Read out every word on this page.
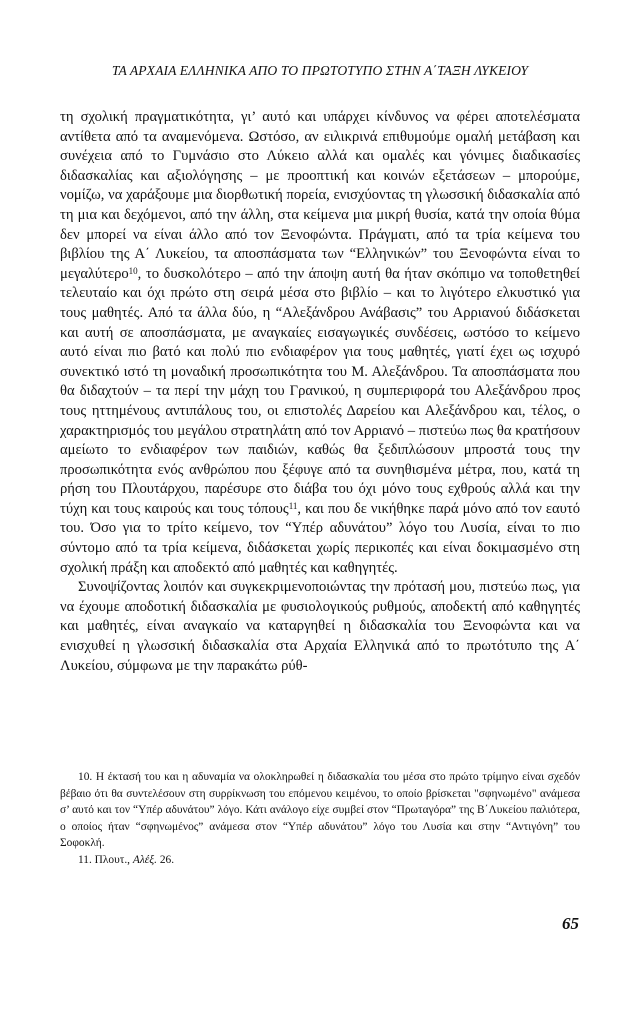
ΤΑ ΑΡΧΑΙΑ ΕΛΛΗΝΙΚΑ ΑΠΟ ΤΟ ΠΡΩΤΟΤΥΠΟ ΣΤΗΝ Α΄ΤΑΞΗ ΛΥΚΕΙΟΥ

τη σχολική πραγματικότητα, γι’ αυτό και υπάρχει κίνδυνος να φέρει αποτελέσματα αντίθετα από τα αναμενόμενα. Ωστόσο, αν ειλικρινά επιθυμούμε ομαλή μετάβαση και συνέχεια από το Γυμνάσιο στο Λύκειο αλλά και ομαλές και γόνιμες διαδικασίες διδασκαλίας και αξιολόγησης – με προοπτική και κοινών εξετάσεων – μπορούμε, νομίζω, να χαράξουμε μια διορθωτική πορεία, ενισχύοντας τη γλωσσική διδασκαλία από τη μια και δεχόμενοι, από την άλλη, στα κείμενα μια μικρή θυσία, κατά την οποία θύμα δεν μπορεί να είναι άλλο από τον Ξενοφώντα. Πράγματι, από τα τρία κείμενα του βιβλίου της Α΄ Λυκείου, τα αποσπάσματα των “Ελληνικών” του Ξενοφώντα είναι το μεγαλύτερο$^{10}$, το δυσκολότερο – από την άποψη αυτή θα ήταν σκόπιμο να τοποθετηθεί τελευταίο και όχι πρώτο στη σειρά μέσα στο βιβλίο – και το λιγότερο ελκυστικό για τους μαθητές. Από τα άλλα δύο, η “Αλεξάνδρου Ανάβασις” του Αρριανού διδάσκεται και αυτή σε αποσπάσματα, με αναγκαίες εισαγωγικές συνδέσεις, ωστόσο το κείμενο αυτό είναι πιο βατό και πολύ πιο ενδιαφέρον για τους μαθητές, γιατί έχει ως ισχυρό συνεκτικό ιστό τη μοναδική προσωπικότητα του Μ. Αλεξάνδρου. Τα αποσπάσματα που θα διδαχτούν – τα περί την μάχη του Γρανικού, η συμπεριφορά του Αλεξάνδρου προς τους ηττημένους αντιπάλους του, οι επιστολές Δαρείου και Αλεξάνδρου και, τέλος, ο χαρακτηρισμός του μεγάλου στρατηλάτη από τον Αρριανό – πιστεύω πως θα κρατήσουν αμείωτο το ενδιαφέρον των παιδιών, καθώς θα ξεδιπλώσουν μπροστά τους την προσωπικότητα ενός ανθρώπου που ξέφυγε από τα συνηθισμένα μέτρα, που, κατά τη ρήση του Πλουτάρχου, παρέσυρε στο διάβα του όχι μόνο τους εχθρούς αλλά και την τύχη και τους καιρούς και τους τόπους$^{11}$, και που δε νικήθηκε παρά μόνο από τον εαυτό του. Όσο για το τρίτο κείμενο, τον “Υπέρ αδυνάτου” λόγο του Λυσία, είναι το πιο σύντομο από τα τρία κείμενα, διδάσκεται χωρίς περικοπές και είναι δοκιμασμένο στη σχολική πράξη και αποδεκτό από μαθητές και καθηγητές.

Συνοψίζοντας λοιπόν και συγκεκριμενοποιώντας την πρότασή μου, πιστεύω πως, για να έχουμε αποδοτική διδασκαλία με φυσιολογικούς ρυθμούς, αποδεκτή από καθηγητές και μαθητές, είναι αναγκαίο να καταργηθεί η διδασκαλία του Ξενοφώντα και να ενισχυθεί η γλωσσική διδασκαλία στα Αρχαία Ελληνικά από το πρωτότυπο της Α΄ Λυκείου, σύμφωνα με την παρακάτω ρύθ-

10. Η έκτασή του και η αδυναμία να ολοκληρωθεί η διδασκαλία του μέσα στο πρώτο τρίμηνο είναι σχεδόν βέβαιο ότι θα συντελέσουν στη συρρίκνωση του επόμενου κειμένου, το οποίο βρίσκεται "σφηνωμένο" ανάμεσα σ’ αυτό και τον “Υπέρ αδυνάτου” λόγο. Κάτι ανάλογο είχε συμβεί στον “Πρωταγόρα” της Β΄Λυκείου παλιότερα, ο οποίος ήταν “σφηνωμένος” ανάμεσα στον “Υπέρ αδυνάτου” λόγο του Λυσία και στην “Αντιγόνη” του Σοφοκλή.

11. Πλουτ., Αλέξ. 26.

65
